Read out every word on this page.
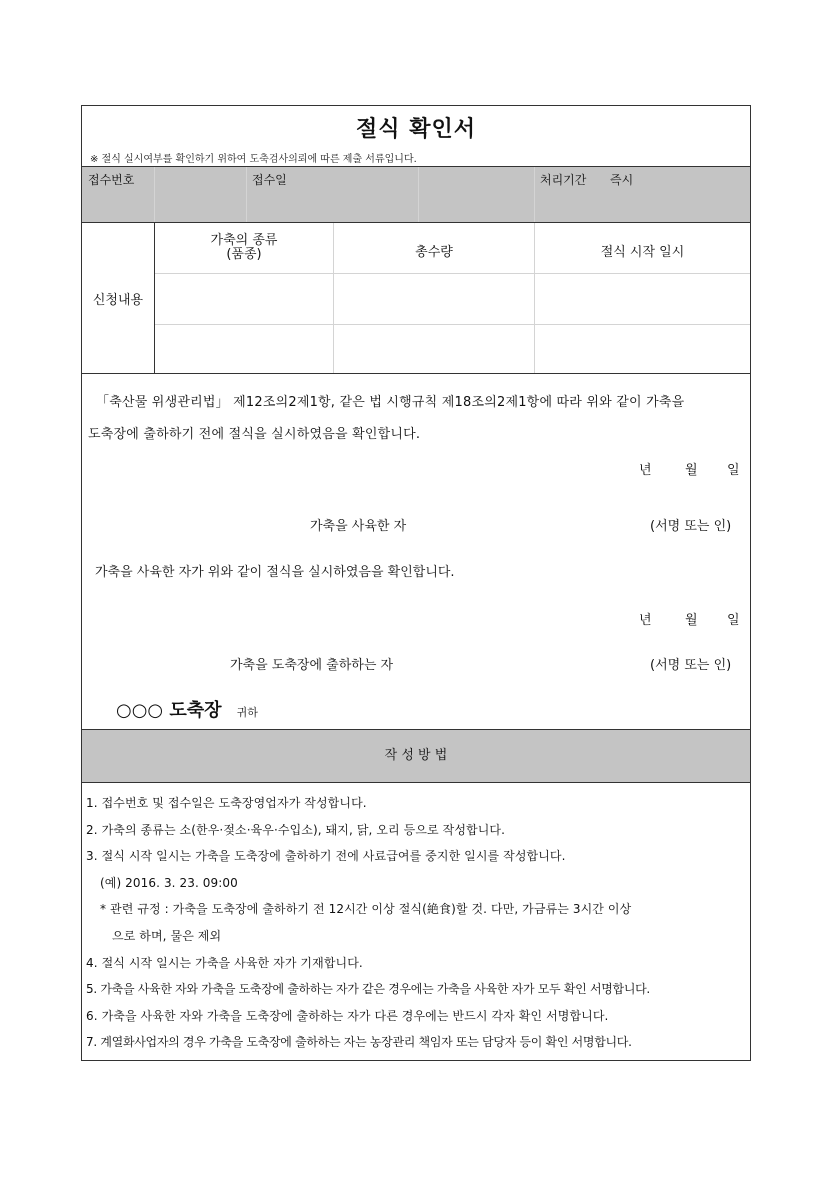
절식 확인서
※ 절식 실시여부를 확인하기 위하여 도축검사의뢰에 따른 제출 서류입니다.
접수번호	접수일	처리기간 즉시
신청내용
가축의 종류
(품종)	총수량	절식 시작 일시
「축산물 위생관리법」 제12조의2제1항, 같은 법 시행규칙 제18조의2제1항에 따라 위와 같이 가축을
도축장에 출하하기 전에 절식을 실시하였음을 확인합니다.
년	월 일
가축을 사육한 자	(서명 또는 인)
가축을 사육한 자가 위와 같이 절식을 실시하였음을 확인합니다.
년	월 일
가축을 도축장에 출하하는 자	(서명 또는 인)
○○○ 도축장 귀하
작 성 방 법
1. 접수번호 및 접수일은 도축장영업자가 작성합니다.
2. 가축의 종류는 소(한우·젖소·육우·수입소), 돼지, 닭, 오리 등으로 작성합니다.
3. 절식 시작 일시는 가축을 도축장에 출하하기 전에 사료급여를 중지한 일시를 작성합니다.
(예) 2016. 3. 23. 09:00
* 관련 규정 : 가축을 도축장에 출하하기 전 12시간 이상 절식(絶食)할 것. 다만, 가금류는 3시간 이상
으로 하며, 물은 제외
4. 절식 시작 일시는 가축을 사육한 자가 기재합니다.
5. 가축을 사육한 자와 가축을 도축장에 출하하는 자가 같은 경우에는 가축을 사육한 자가 모두 확인 서명합니다.
6. 가축을 사육한 자와 가축을 도축장에 출하하는 자가 다른 경우에는 반드시 각자 확인 서명합니다.
7. 계열화사업자의 경우 가축을 도축장에 출하하는 자는 농장관리 책임자 또는 담당자 등이 확인 서명합니다.
